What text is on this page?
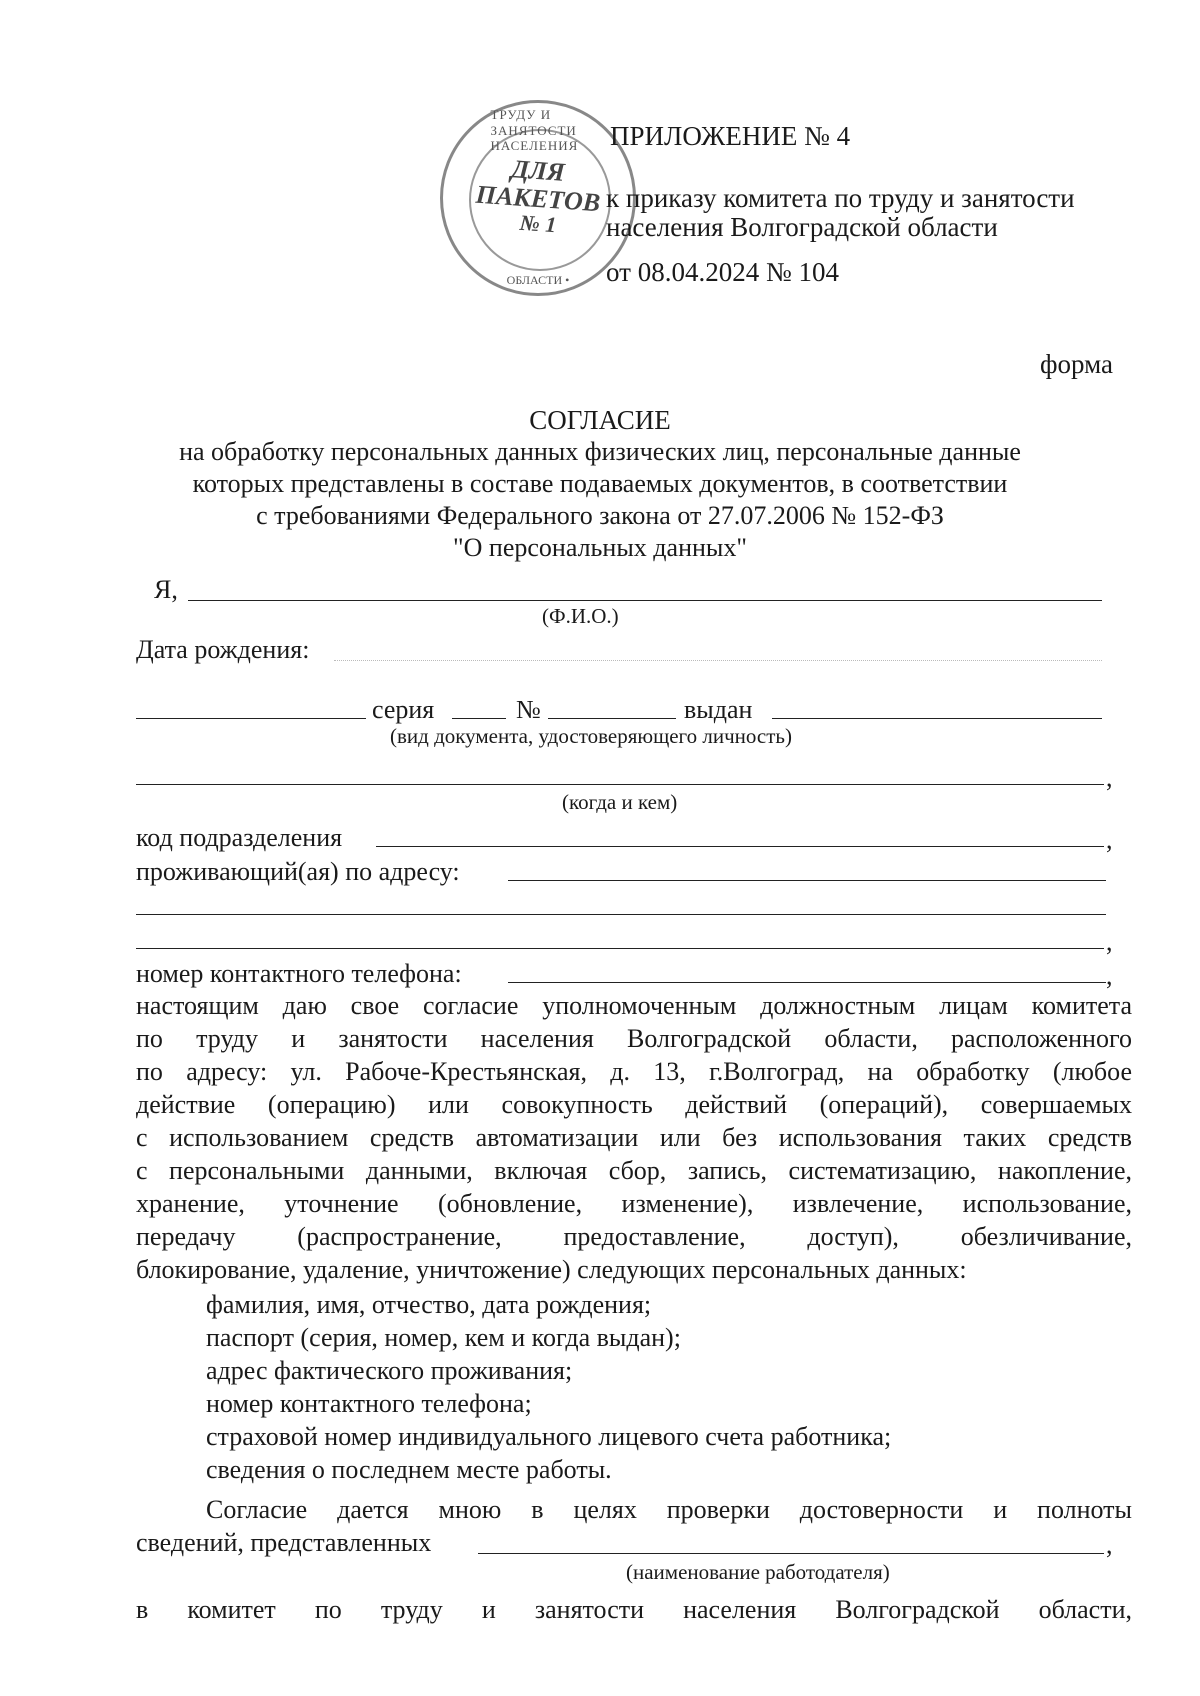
ТРУДУ И ЗАНЯТОСТИ НАСЕЛЕНИЯ
ОБЛАСТИ •
ДЛЯ
ПАКЕТОВ
№ 1
ПРИЛОЖЕНИЕ № 4
к приказу комитета по труду и занятости
населения Волгоградской области
от 08.04.2024 № 104
форма
СОГЛАСИЕ
на обработку персональных данных физических лиц, персональные данные
которых представлены в составе подаваемых документов, в соответствии
с требованиями Федерального закона от 27.07.2006 № 152-ФЗ
"О персональных данных"
Я,
(Ф.И.О.)
Дата рождения:
серия	№	выдан
(вид документа, удостоверяющего личность)
,
(когда и кем)
код подразделения	,
проживающий(ая) по адресу:
,
номер контактного телефона:	,
настоящим даю свое согласие уполномоченным должностным лицам комитета
по труду и занятости населения Волгоградской области, расположенного
по адресу: ул. Рабоче-Крестьянская, д. 13, г.Волгоград, на обработку (любое
действие (операцию) или совокупность действий (операций), совершаемых
с использованием средств автоматизации или без использования таких средств
с персональными данными, включая сбор, запись, систематизацию, накопление,
хранение, уточнение (обновление, изменение), извлечение, использование,
передачу (распространение, предоставление, доступ), обезличивание,
блокирование, удаление, уничтожение) следующих персональных данных:
фамилия, имя, отчество, дата рождения;
паспорт (серия, номер, кем и когда выдан);
адрес фактического проживания;
номер контактного телефона;
страховой номер индивидуального лицевого счета работника;
сведения о последнем месте работы.
Согласие дается мною в целях проверки достоверности и полноты
сведений, представленных	,
(наименование работодателя)
в комитет по труду и занятости населения Волгоградской области,
